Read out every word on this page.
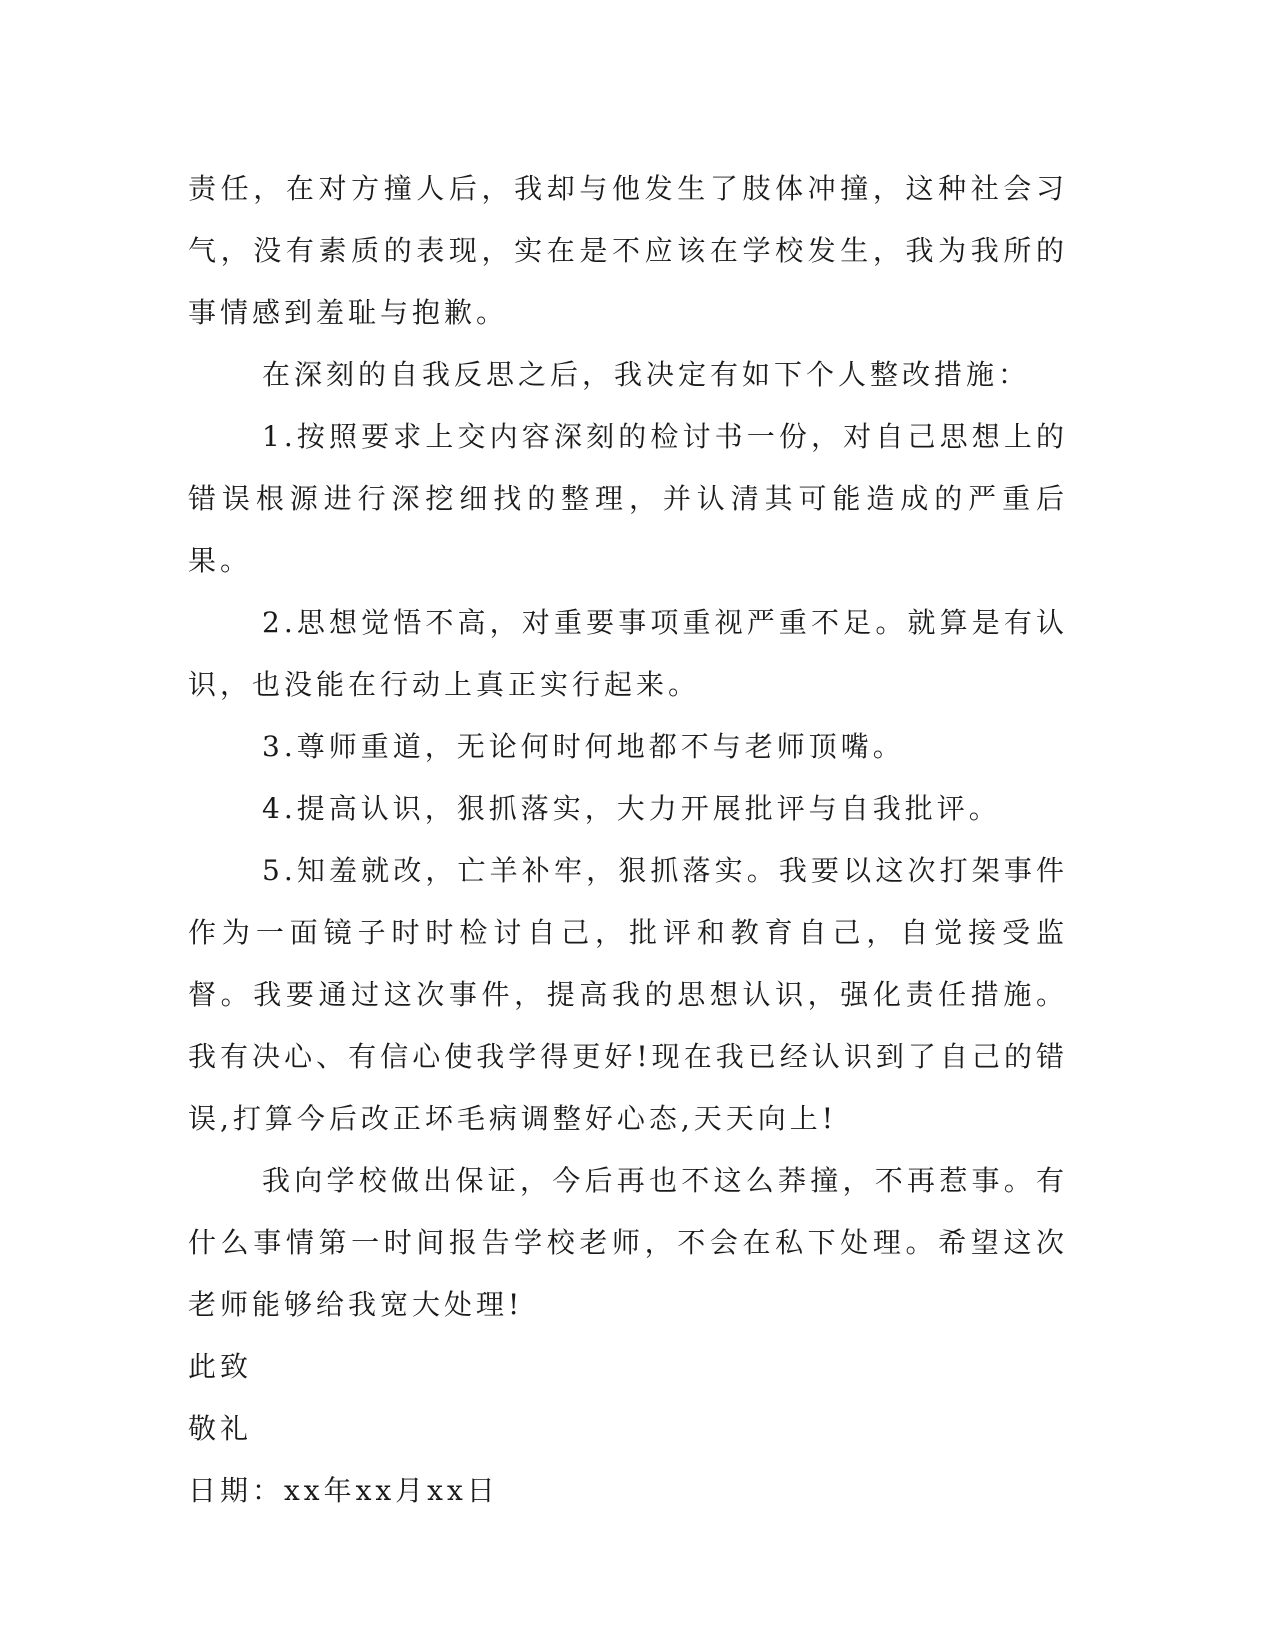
责任，在对方撞人后，我却与他发生了肢体冲撞，这种社会习气，没有素质的表现，实在是不应该在学校发生，我为我所的事情感到羞耻与抱歉。

在深刻的自我反思之后，我决定有如下个人整改措施：

1.按照要求上交内容深刻的检讨书一份，对自己思想上的错误根源进行深挖细找的整理，并认清其可能造成的严重后果。

2.思想觉悟不高，对重要事项重视严重不足。就算是有认识，也没能在行动上真正实行起来。

3.尊师重道，无论何时何地都不与老师顶嘴。

4.提高认识，狠抓落实，大力开展批评与自我批评。

5.知羞就改，亡羊补牢，狠抓落实。我要以这次打架事件作为一面镜子时时检讨自己，批评和教育自己，自觉接受监督。我要通过这次事件，提高我的思想认识，强化责任措施。我有决心、有信心使我学得更好!现在我已经认识到了自己的错误,打算今后改正坏毛病调整好心态,天天向上!

我向学校做出保证，今后再也不这么莽撞，不再惹事。有什么事情第一时间报告学校老师，不会在私下处理。希望这次老师能够给我宽大处理!

此致

敬礼

日期：xx年xx月xx日
